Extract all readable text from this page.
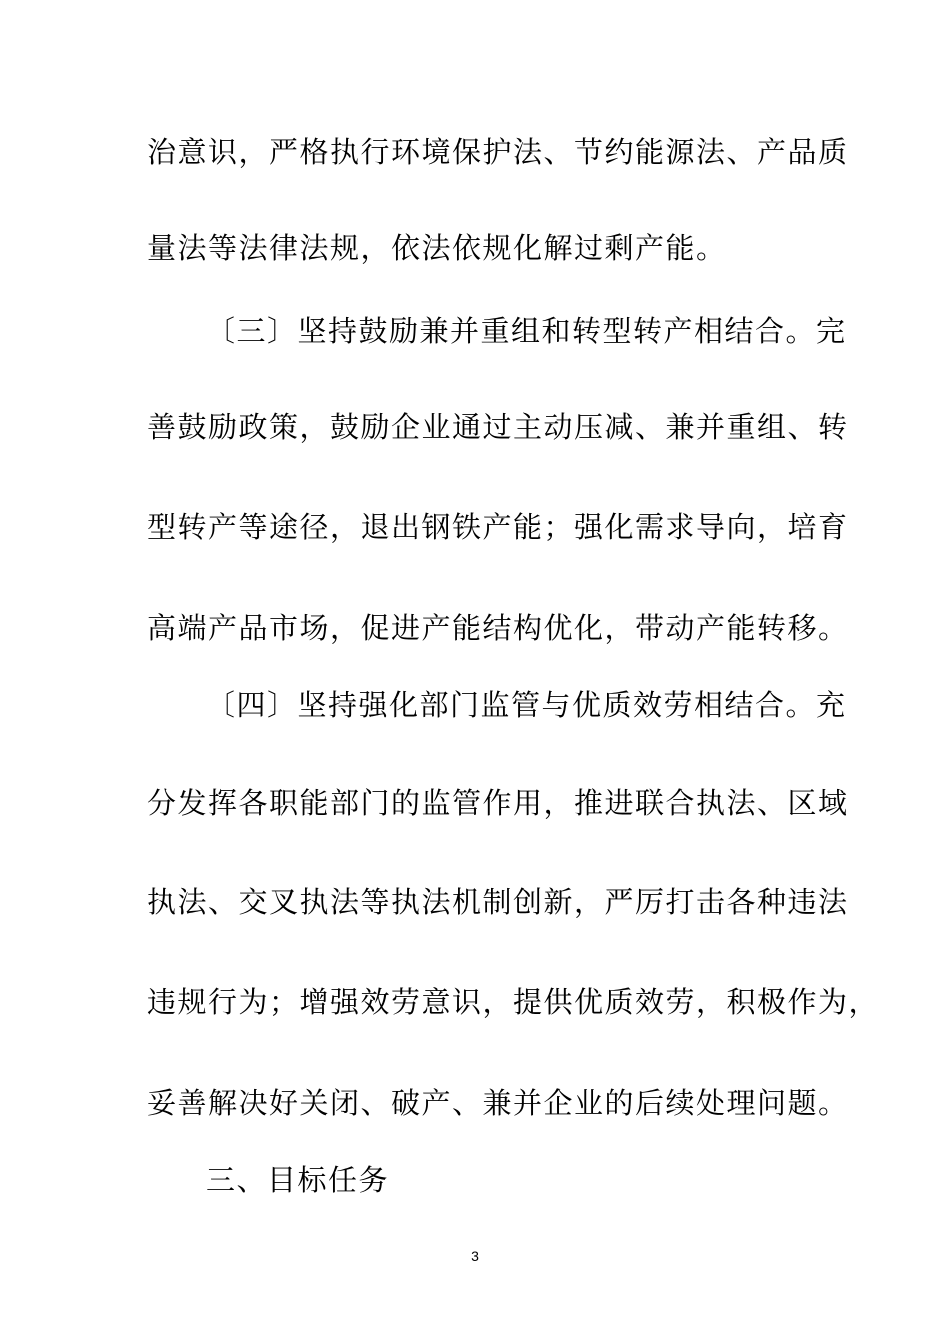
治意识，严格执行环境保护法、节约能源法、产品质
量法等法律法规，依法依规化解过剩产能。
〔三〕坚持鼓励兼并重组和转型转产相结合。完
善鼓励政策，鼓励企业通过主动压减、兼并重组、转
型转产等途径，退出钢铁产能；强化需求导向，培育
高端产品市场，促进产能结构优化，带动产能转移。
〔四〕坚持强化部门监管与优质效劳相结合。充
分发挥各职能部门的监管作用，推进联合执法、区域
执法、交叉执法等执法机制创新，严厉打击各种违法
违规行为；增强效劳意识，提供优质效劳，积极作为，
妥善解决好关闭、破产、兼并企业的后续处理问题。
三、目标任务
3
